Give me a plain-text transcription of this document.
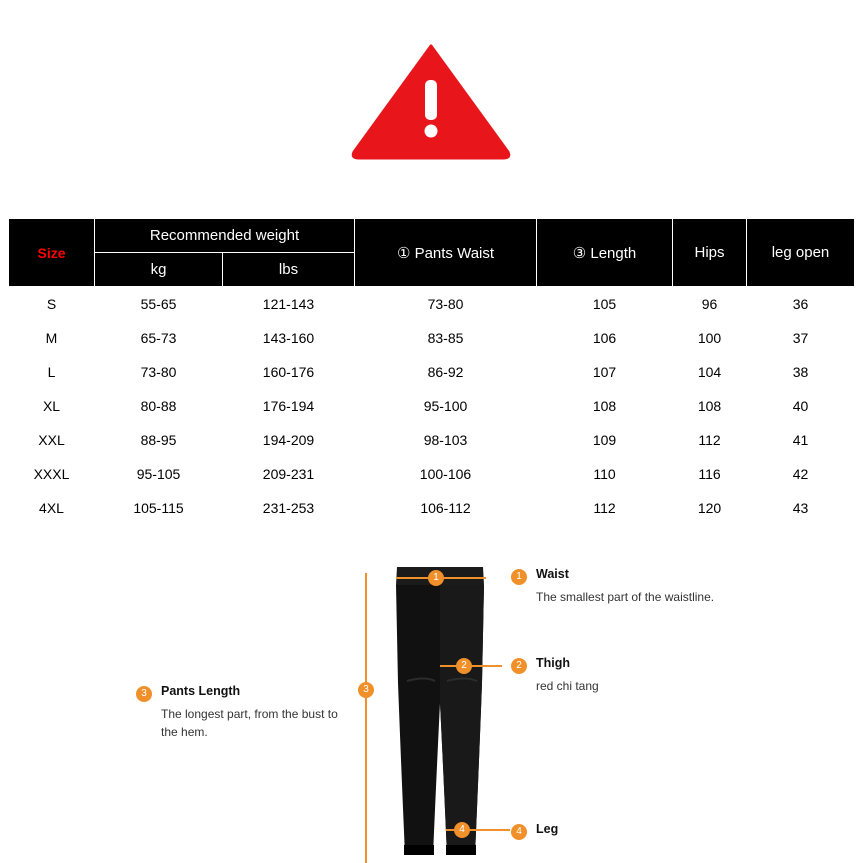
Size	Recommended weight		① Pants Waist	③ Length	Hips	leg open
	kg	lbs				
S	55-65	121-143	73-80	105	96	36
M	65-73	143-160	83-85	106	100	37
L	73-80	160-176	86-92	107	104	38
XL	80-88	176-194	95-100	108	108	40
XXL	88-95	194-209	98-103	109	112	41
XXXL	95-105	209-231	100-106	110	116	42
4XL	105-115	231-253	106-112	112	120	43
1
2
4
3
1	Waist
The smallest part of the waistline.
2	Thigh
red chi tang
4	Leg
3	Pants Length
The longest part, from the bust to the hem.
